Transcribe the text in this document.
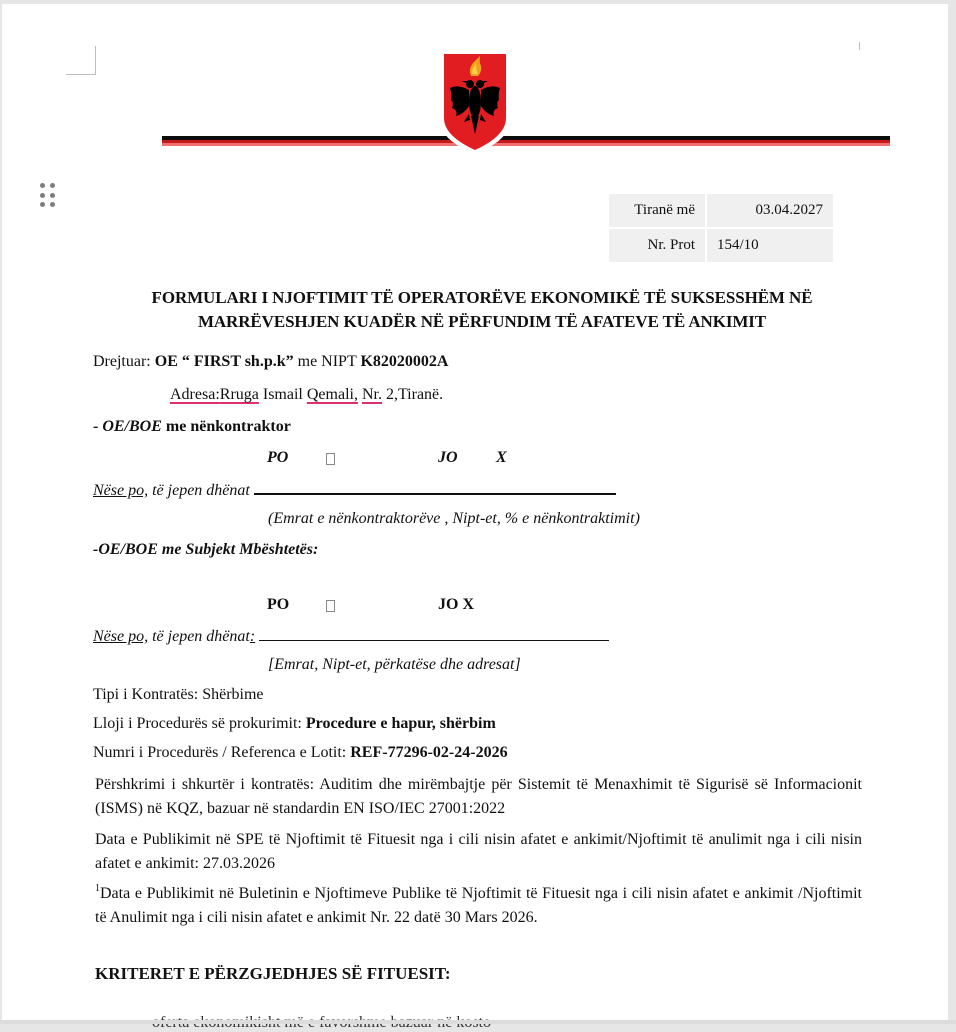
Tiranë më	03.04.2027
Nr. Prot	154/10
FORMULARI I NJOFTIMIT TË OPERATORËVE EKONOMIKË TË SUKSESSHËM NË
MARRËVESHJEN KUADËR NË PËRFUNDIM TË AFATEVE TË ANKIMIT
Drejtuar: OE “ FIRST sh.p.k” me NIPT K82020002A
Adresa:Rruga Ismail Qemali, Nr. 2,Tiranë.
- OE/BOE me nënkontraktor
PO	JO X
Nëse po, të jepen dhënat
(Emrat e nënkontraktorëve , Nipt-et, % e nënkontraktimit)
-OE/BOE me Subjekt Mbështetës:
PO	JO X
Nëse po, të jepen dhënat:
[Emrat, Nipt-et, përkatëse dhe adresat]
Tipi i Kontratës: Shërbime
Lloji i Procedurës së prokurimit: Procedure e hapur, shërbim
Numri i Procedurës / Referenca e Lotit: REF-77296-02-24-2026
Përshkrimi i shkurtër i kontratës: Auditim dhe mirëmbajtje për Sistemit të Menaxhimit të Sigurisë së Informacionit (ISMS) në KQZ, bazuar në standardin EN ISO/IEC 27001:2022
Data e Publikimit në SPE të Njoftimit të Fituesit nga i cili nisin afatet e ankimit/Njoftimit të anulimit nga i cili nisin afatet e ankimit: 27.03.2026
$^1$Data e Publikimit në Buletinin e Njoftimeve Publike të Njoftimit të Fituesit nga i cili nisin afatet e ankimit /Njoftimit të Anulimit nga i cili nisin afatet e ankimit Nr. 22 datë 30 Mars 2026.
KRITERET E PËRZGJEDHJES SË FITUESIT:
